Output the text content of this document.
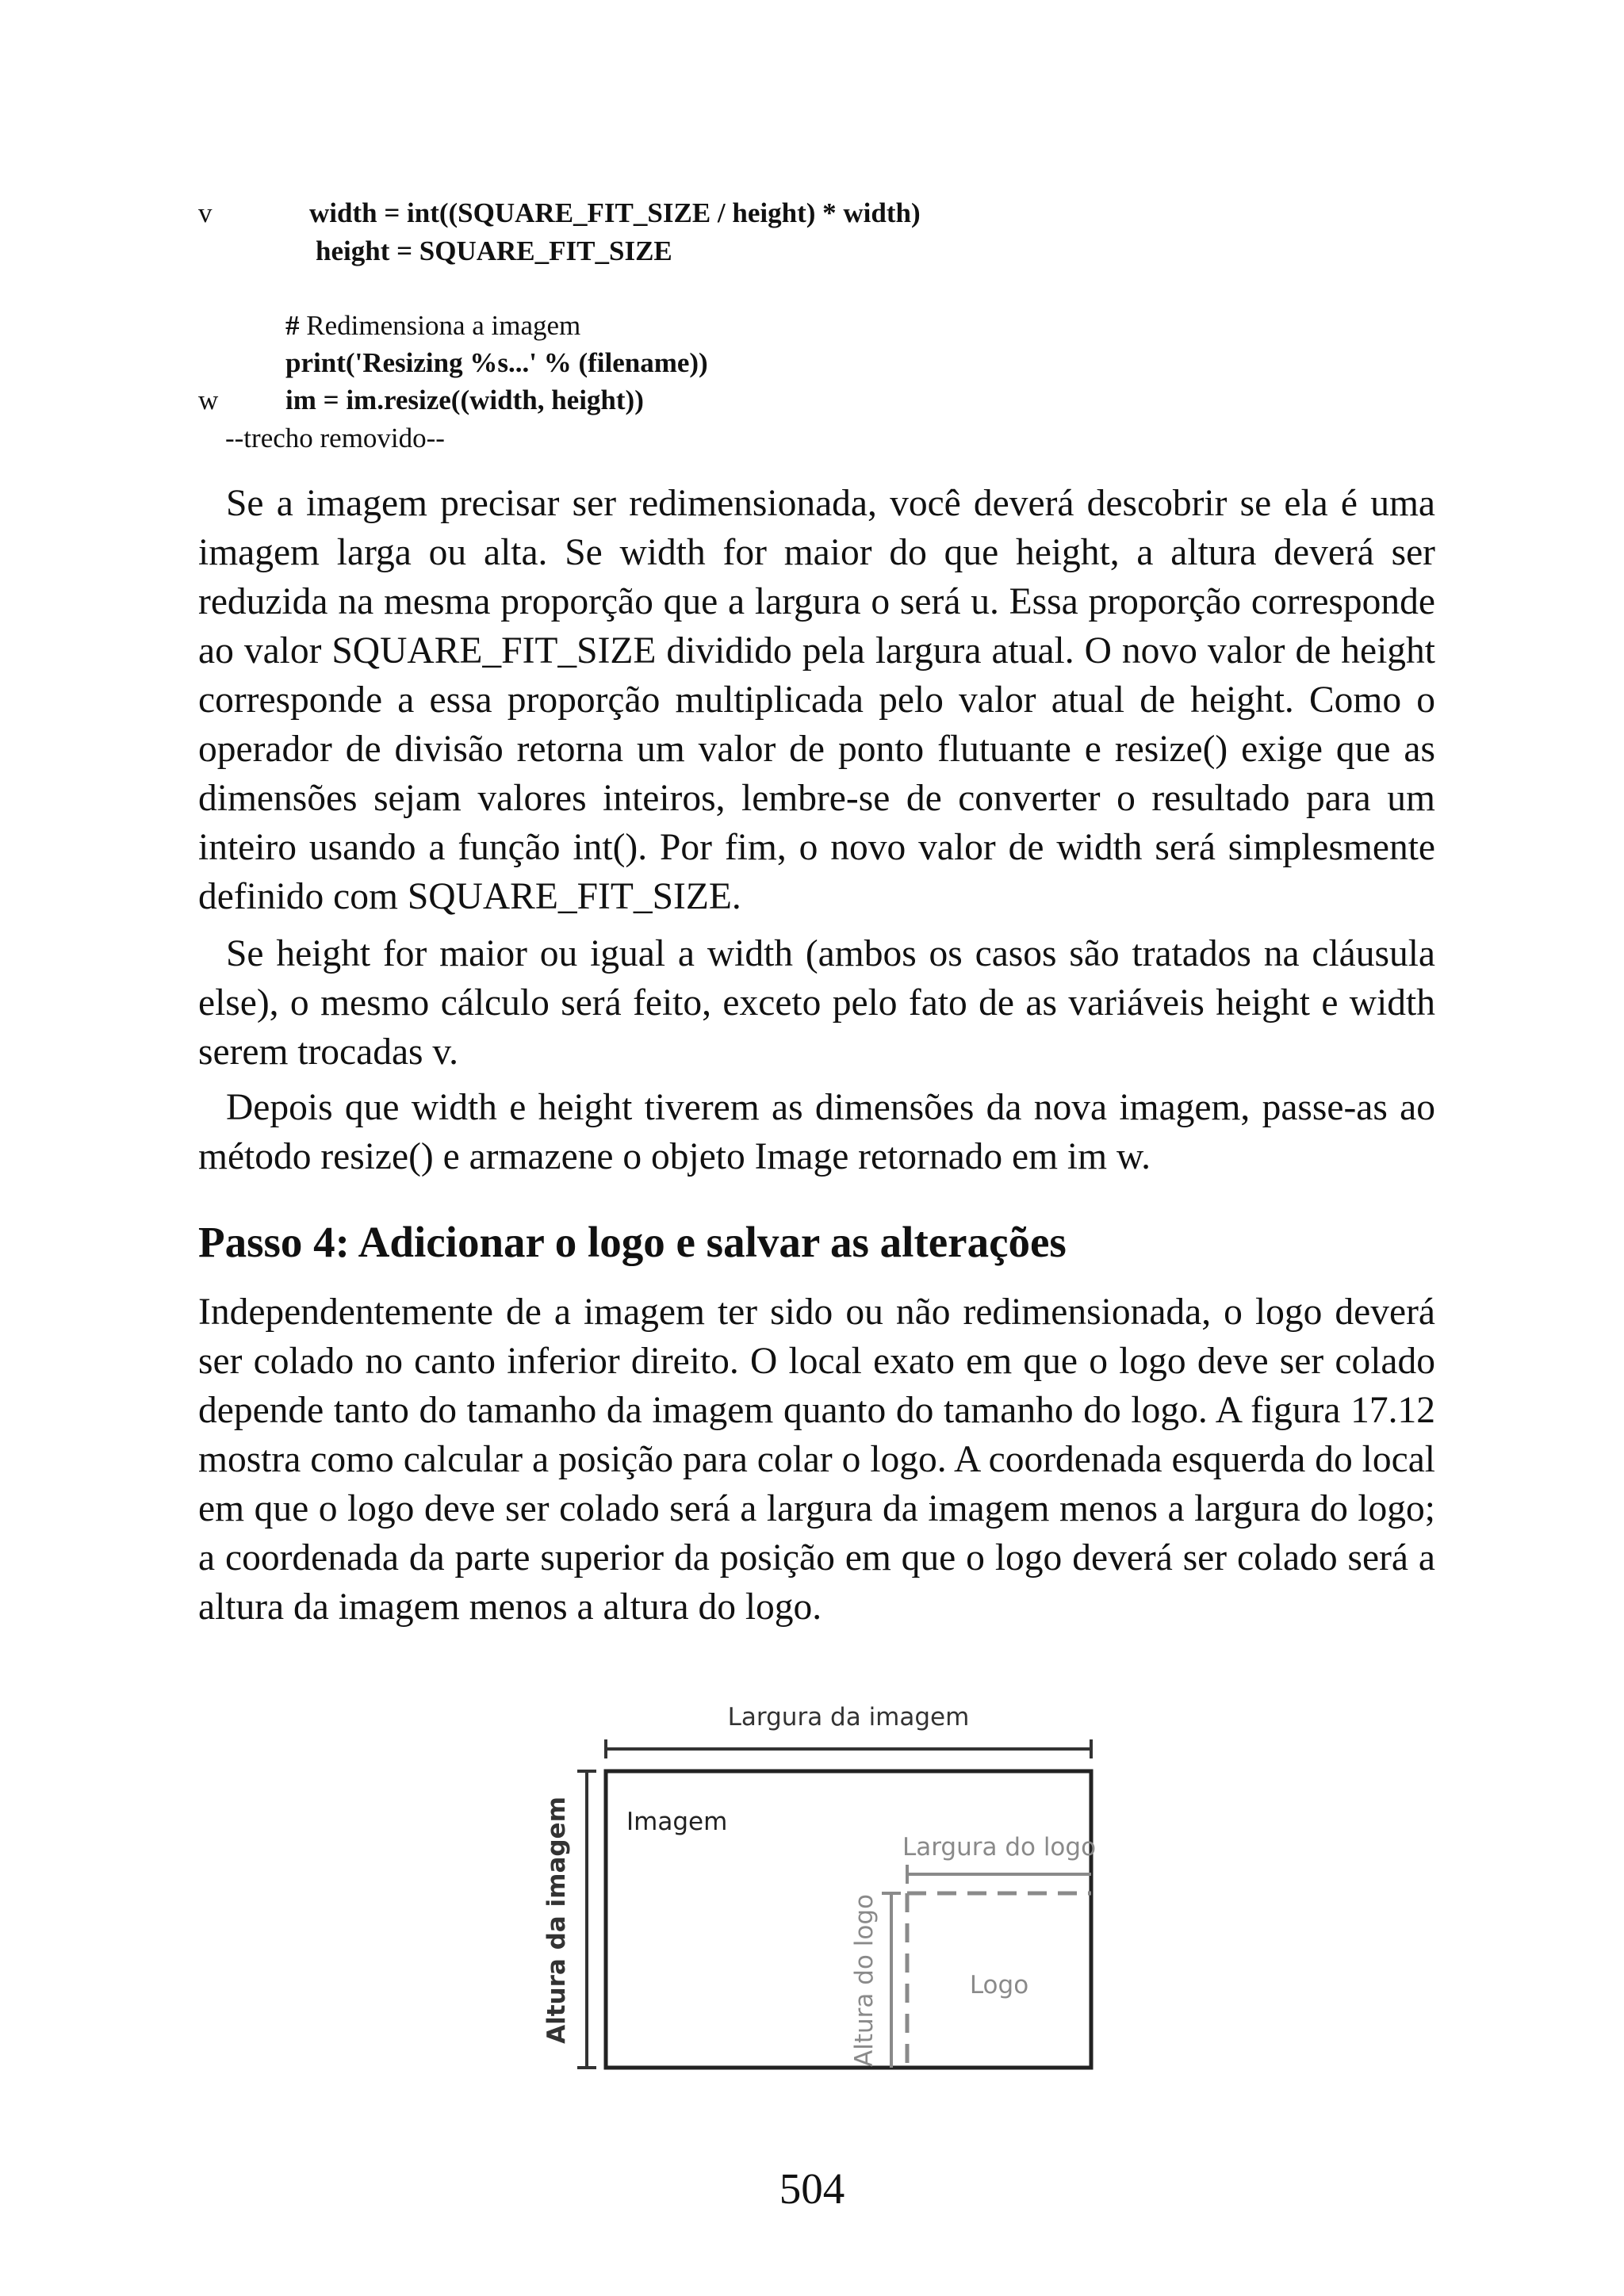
v	width = int((SQUARE_FIT_SIZE / height) * width)
height = SQUARE_FIT_SIZE
# Redimensiona a imagem
print('Resizing %s...' % (filename))
w im = im.resize((width, height))
--trecho removido--

Se a imagem precisar ser redimensionada, você deverá descobrir se ela é uma imagem larga ou alta. Se width for maior do que height, a altura deverá ser reduzida na mesma proporção que a largura o será u. Essa proporção corresponde ao valor SQUARE_FIT_SIZE dividido pela largura atual. O novo valor de height corresponde a essa proporção multiplicada pelo valor atual de height. Como o operador de divisão retorna um valor de ponto flutuante e resize() exige que as dimensões sejam valores inteiros, lembre-se de converter o resultado para um inteiro usando a função int(). Por fim, o novo valor de width será simplesmente definido com SQUARE_FIT_SIZE.

Se height for maior ou igual a width (ambos os casos são tratados na cláusula else), o mesmo cálculo será feito, exceto pelo fato de as variáveis height e width serem trocadas v.

Depois que width e height tiverem as dimensões da nova imagem, passe-as ao método resize() e armazene o objeto Image retornado em im w.

Passo 4: Adicionar o logo e salvar as alterações

Independentemente de a imagem ter sido ou não redimensionada, o logo deverá ser colado no canto inferior direito. O local exato em que o logo deve ser colado depende tanto do tamanho da imagem quanto do tamanho do logo. A figura 17.12 mostra como calcular a posição para colar o logo. A coordenada esquerda do local em que o logo deve ser colado será a largura da imagem menos a largura do logo; a coordenada da parte superior da posição em que o logo deverá ser colado será a altura da imagem menos a altura do logo.

Largura da imagem
Altura da imagem Imagem
Largura do logo
Altura do logo	Logo
504
